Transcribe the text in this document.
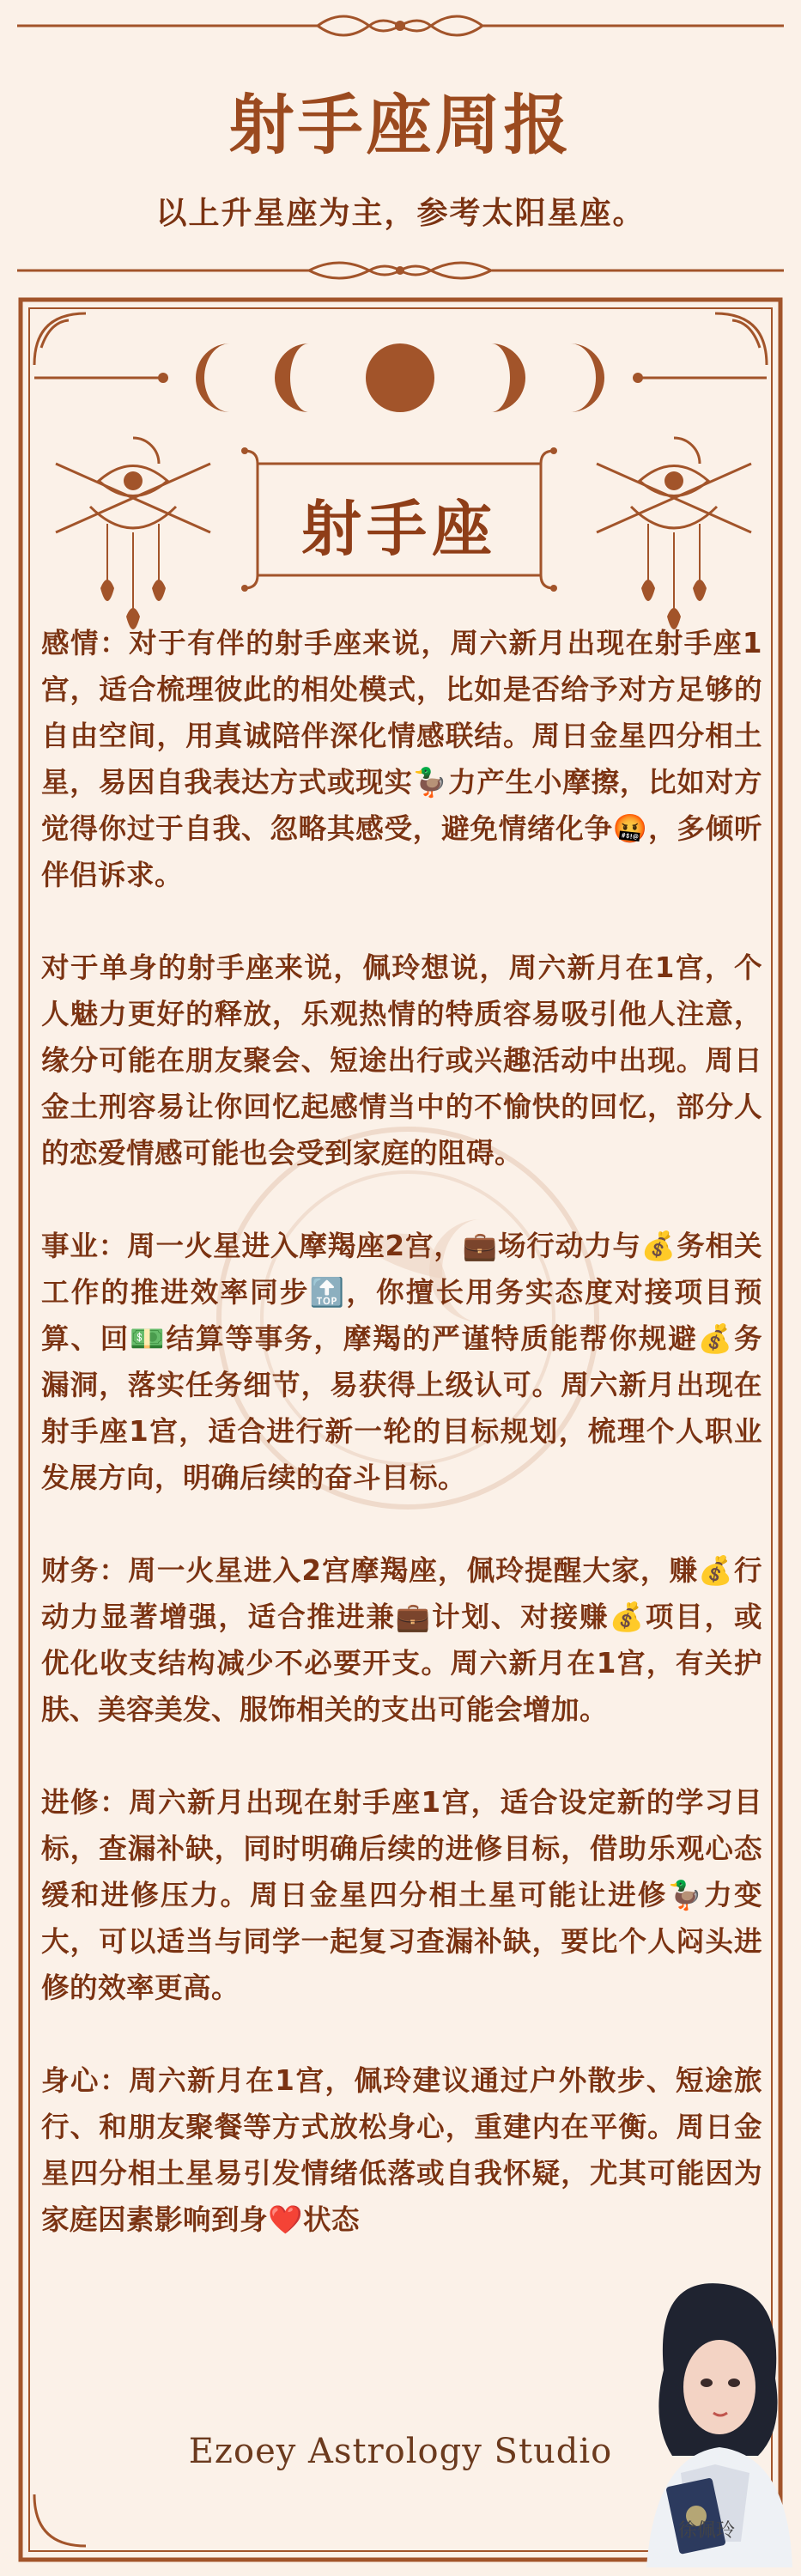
射手座周报
以上升星座为主，参考太阳星座。
射手座

感情：对于有伴的射手座来说，周六新月出现在射手座1宫，适合梳理彼此的相处模式，比如是否给予对方足够的自由空间，用真诚陪伴深化情感联结。周日金星四分相土星，易因自我表达方式或现实🦆力产生小摩擦，比如对方觉得你过于自我、忽略其感受，避免情绪化争🤬，多倾听伴侣诉求。

对于单身的射手座来说，佩玲想说，周六新月在1宫，个人魅力更好的释放，乐观热情的特质容易吸引他人注意，缘分可能在朋友聚会、短途出行或兴趣活动中出现。周日金土刑容易让你回忆起感情当中的不愉快的回忆，部分人的恋爱情感可能也会受到家庭的阻碍。

事业：周一火星进入摩羯座2宫，💼场行动力与💰务相关工作的推进效率同步🔝，你擅长用务实态度对接项目预算、回💵结算等事务，摩羯的严谨特质能帮你规避💰务漏洞，落实任务细节，易获得上级认可。周六新月出现在射手座1宫，适合进行新一轮的目标规划，梳理个人职业发展方向，明确后续的奋斗目标。

财务：周一火星进入2宫摩羯座，佩玲提醒大家，赚💰行动力显著增强，适合推进兼💼计划、对接赚💰项目，或优化收支结构减少不必要开支。周六新月在1宫，有关护肤、美容美发、服饰相关的支出可能会增加。

进修：周六新月出现在射手座1宫，适合设定新的学习目标，查漏补缺，同时明确后续的进修目标，借助乐观心态缓和进修压力。周日金星四分相土星可能让进修🦆力变大，可以适当与同学一起复习查漏补缺，要比个人闷头进修的效率更高。

身心：周六新月在1宫，佩玲建议通过户外散步、短途旅行、和朋友聚餐等方式放松身心，重建内在平衡。周日金星四分相土星易引发情绪低落或自我怀疑，尤其可能因为家庭因素影响到身❤️状态

Ezoey Astrology Studio
徐佩玲
